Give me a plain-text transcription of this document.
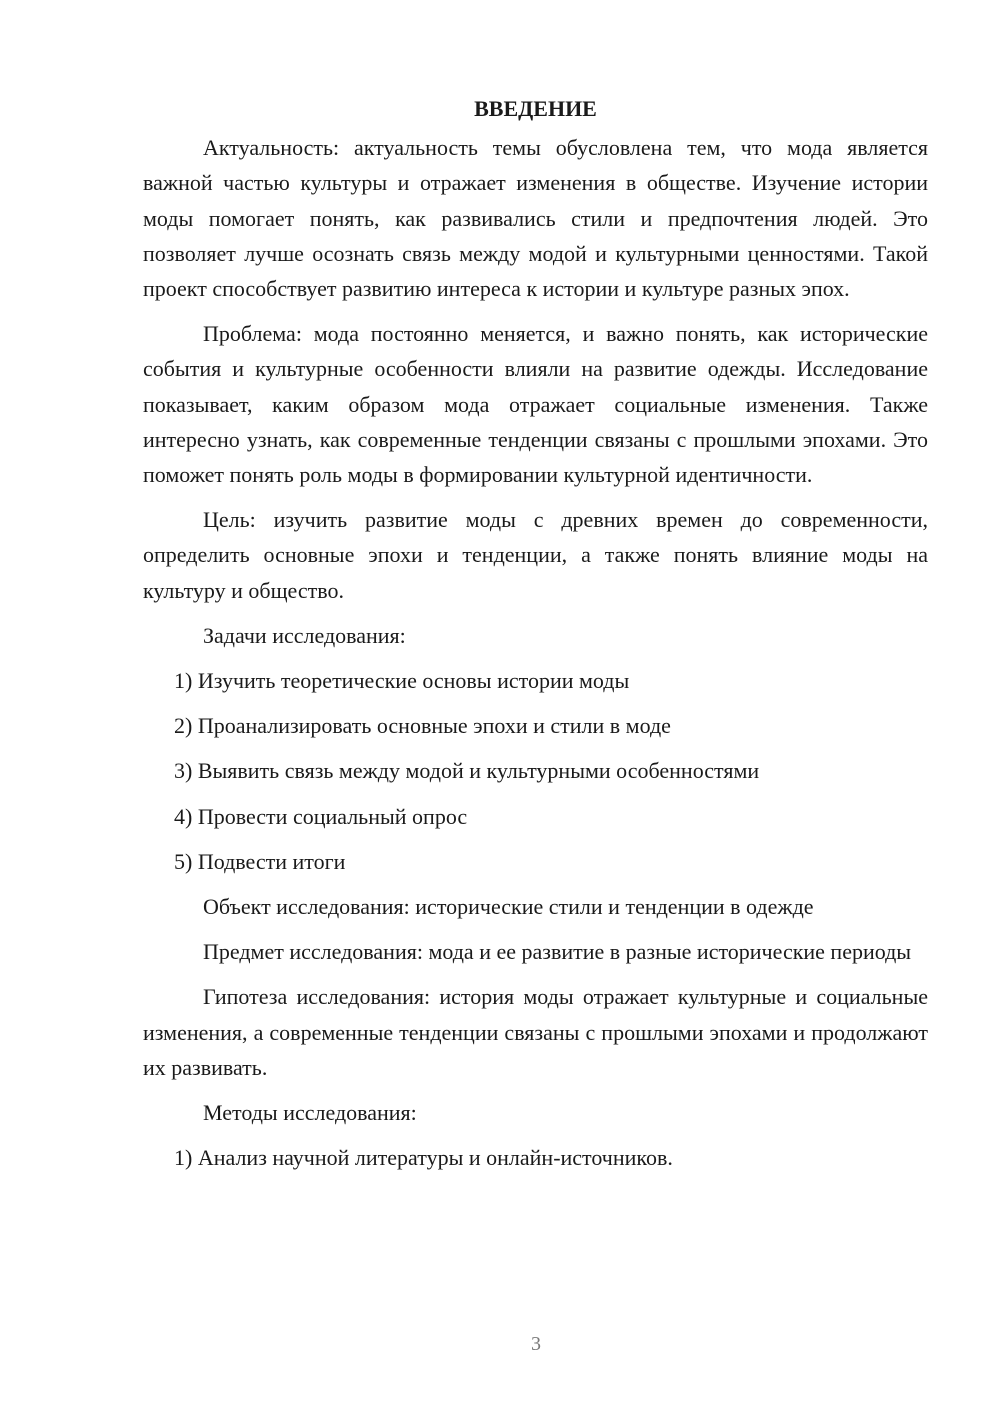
ВВЕДЕНИЕ

Актуальность: актуальность темы обусловлена тем, что мода является важной частью культуры и отражает изменения в обществе. Изучение истории моды помогает понять, как развивались стили и предпочтения людей. Это позволяет лучше осознать связь между модой и культурными ценностями. Такой проект способствует развитию интереса к истории и культуре разных эпох.

Проблема: мода постоянно меняется, и важно понять, как исторические события и культурные особенности влияли на развитие одежды. Исследование показывает, каким образом мода отражает социальные изменения. Также интересно узнать, как современные тенденции связаны с прошлыми эпохами. Это поможет понять роль моды в формировании культурной идентичности.

Цель: изучить развитие моды с древних времен до современности, определить основные эпохи и тенденции, а также понять влияние моды на культуру и общество.

Задачи исследования:

1) Изучить теоретические основы истории моды

2) Проанализировать основные эпохи и стили в моде

3) Выявить связь между модой и культурными особенностями

4) Провести социальный опрос

5) Подвести итоги

Объект исследования: исторические стили и тенденции в одежде

Предмет исследования: мода и ее развитие в разные исторические периоды

Гипотеза исследования: история моды отражает культурные и социальные изменения, а современные тенденции связаны с прошлыми эпохами и продолжают их развивать.

Методы исследования:

1) Анализ научной литературы и онлайн-источников.

3
